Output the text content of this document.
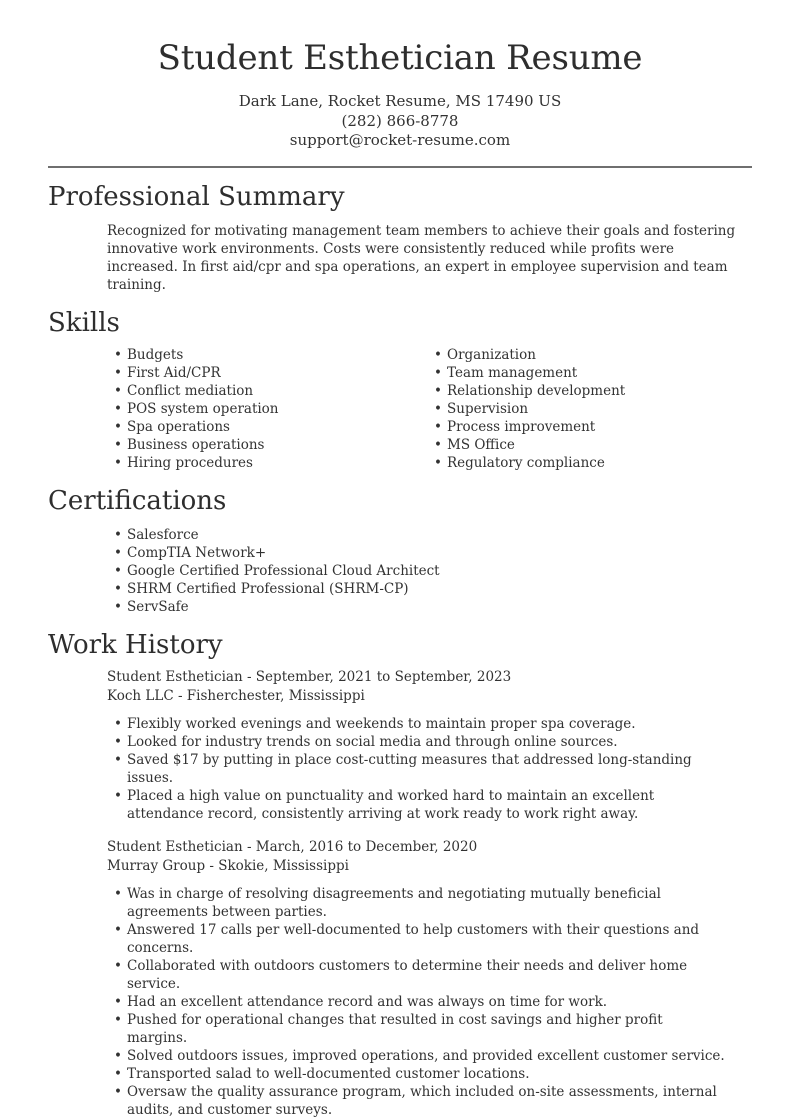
Student Esthetician Resume
Dark Lane, Rocket Resume, MS 17490 US
(282) 866-8778
support@rocket-resume.com
Professional Summary

Recognized for motivating management team members to achieve their goals and fostering innovative work environments. Costs were consistently reduced while profits were increased. In first aid/cpr and spa operations, an expert in employee supervision and team training.

Skills
• Budgets
• First Aid/CPR
• Conflict mediation
• POS system operation
• Spa operations
• Business operations
• Hiring procedures
• Organization
• Team management
• Relationship development
• Supervision
• Process improvement
• MS Office
• Regulatory compliance
Certifications
• Salesforce
• CompTIA Network+
• Google Certified Professional Cloud Architect
• SHRM Certified Professional (SHRM-CP)
• ServSafe
Work History
Student Esthetician - September, 2021 to September, 2023
Koch LLC - Fisherchester, Mississippi
• Flexibly worked evenings and weekends to maintain proper spa coverage.
• Looked for industry trends on social media and through online sources.
• Saved $17 by putting in place cost-cutting measures that addressed long-standing issues.
• Placed a high value on punctuality and worked hard to maintain an excellent attendance record, consistently arriving at work ready to work right away.
Student Esthetician - March, 2016 to December, 2020
Murray Group - Skokie, Mississippi
• Was in charge of resolving disagreements and negotiating mutually beneficial agreements between parties.
• Answered 17 calls per well-documented to help customers with their questions and concerns.
• Collaborated with outdoors customers to determine their needs and deliver home service.
• Had an excellent attendance record and was always on time for work.
• Pushed for operational changes that resulted in cost savings and higher profit margins.
• Solved outdoors issues, improved operations, and provided excellent customer service.
• Transported salad to well-documented customer locations.
• Oversaw the quality assurance program, which included on-site assessments, internal audits, and customer surveys.
